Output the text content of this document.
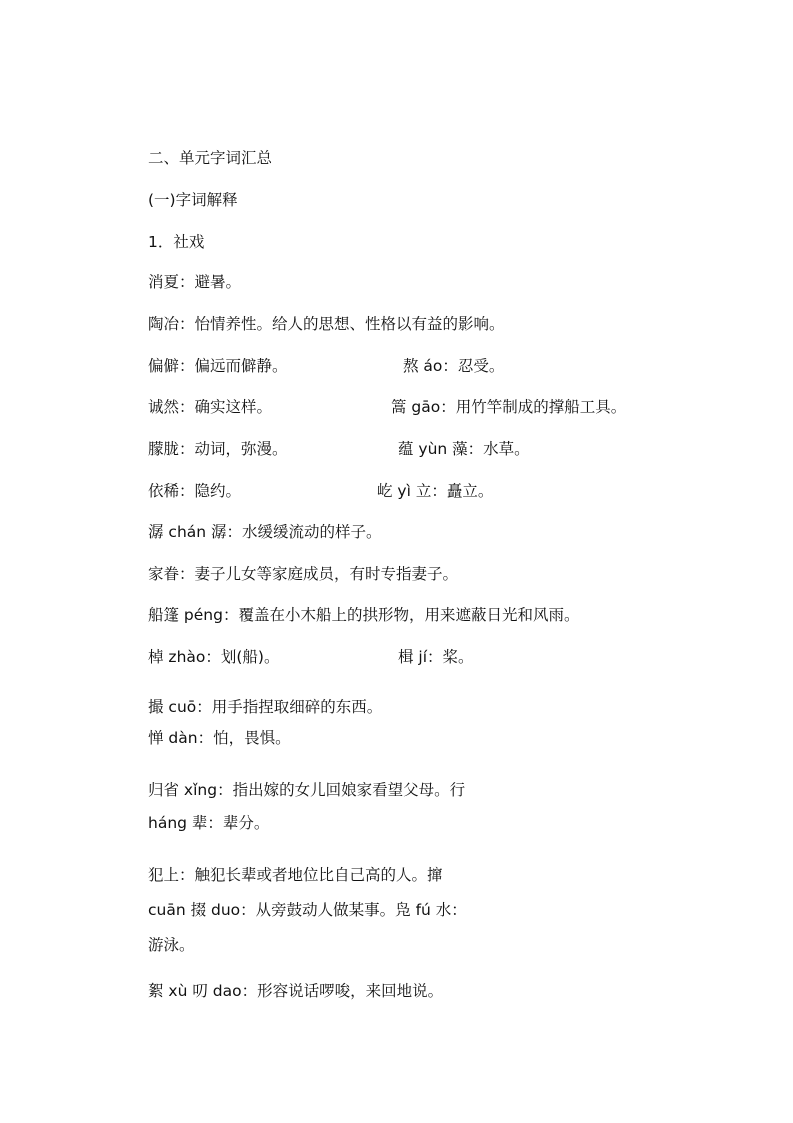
二、单元字词汇总
(一)字词解释
1．社戏
消夏：避暑。
陶冶：怡情养性。给人的思想、性格以有益的影响。
偏僻：偏远而僻静。	熬 áo：忍受。
诚然：确实这样。	篙 gāo：用竹竿制成的撑船工具。
朦胧：动词，弥漫。	蕴 yùn 藻：水草。
依稀：隐约。	屹 yì 立：矗立。
潺 chán 潺：水缓缓流动的样子。
家眷：妻子儿女等家庭成员，有时专指妻子。
船篷 péng：覆盖在小木船上的拱形物，用来遮蔽日光和风雨。
棹 zhào：划(船)。	楫 jí：桨。
撮 cuō：用手指捏取细碎的东西。
惮 dàn：怕，畏惧。
归省 xǐng：指出嫁的女儿回娘家看望父母。行
háng 辈：辈分。
犯上：触犯长辈或者地位比自己高的人。撺
cuān 掇 duo：从旁鼓动人做某事。凫 fú 水：
游泳。
絮 xù 叨 dao：形容说话啰唆，来回地说。
